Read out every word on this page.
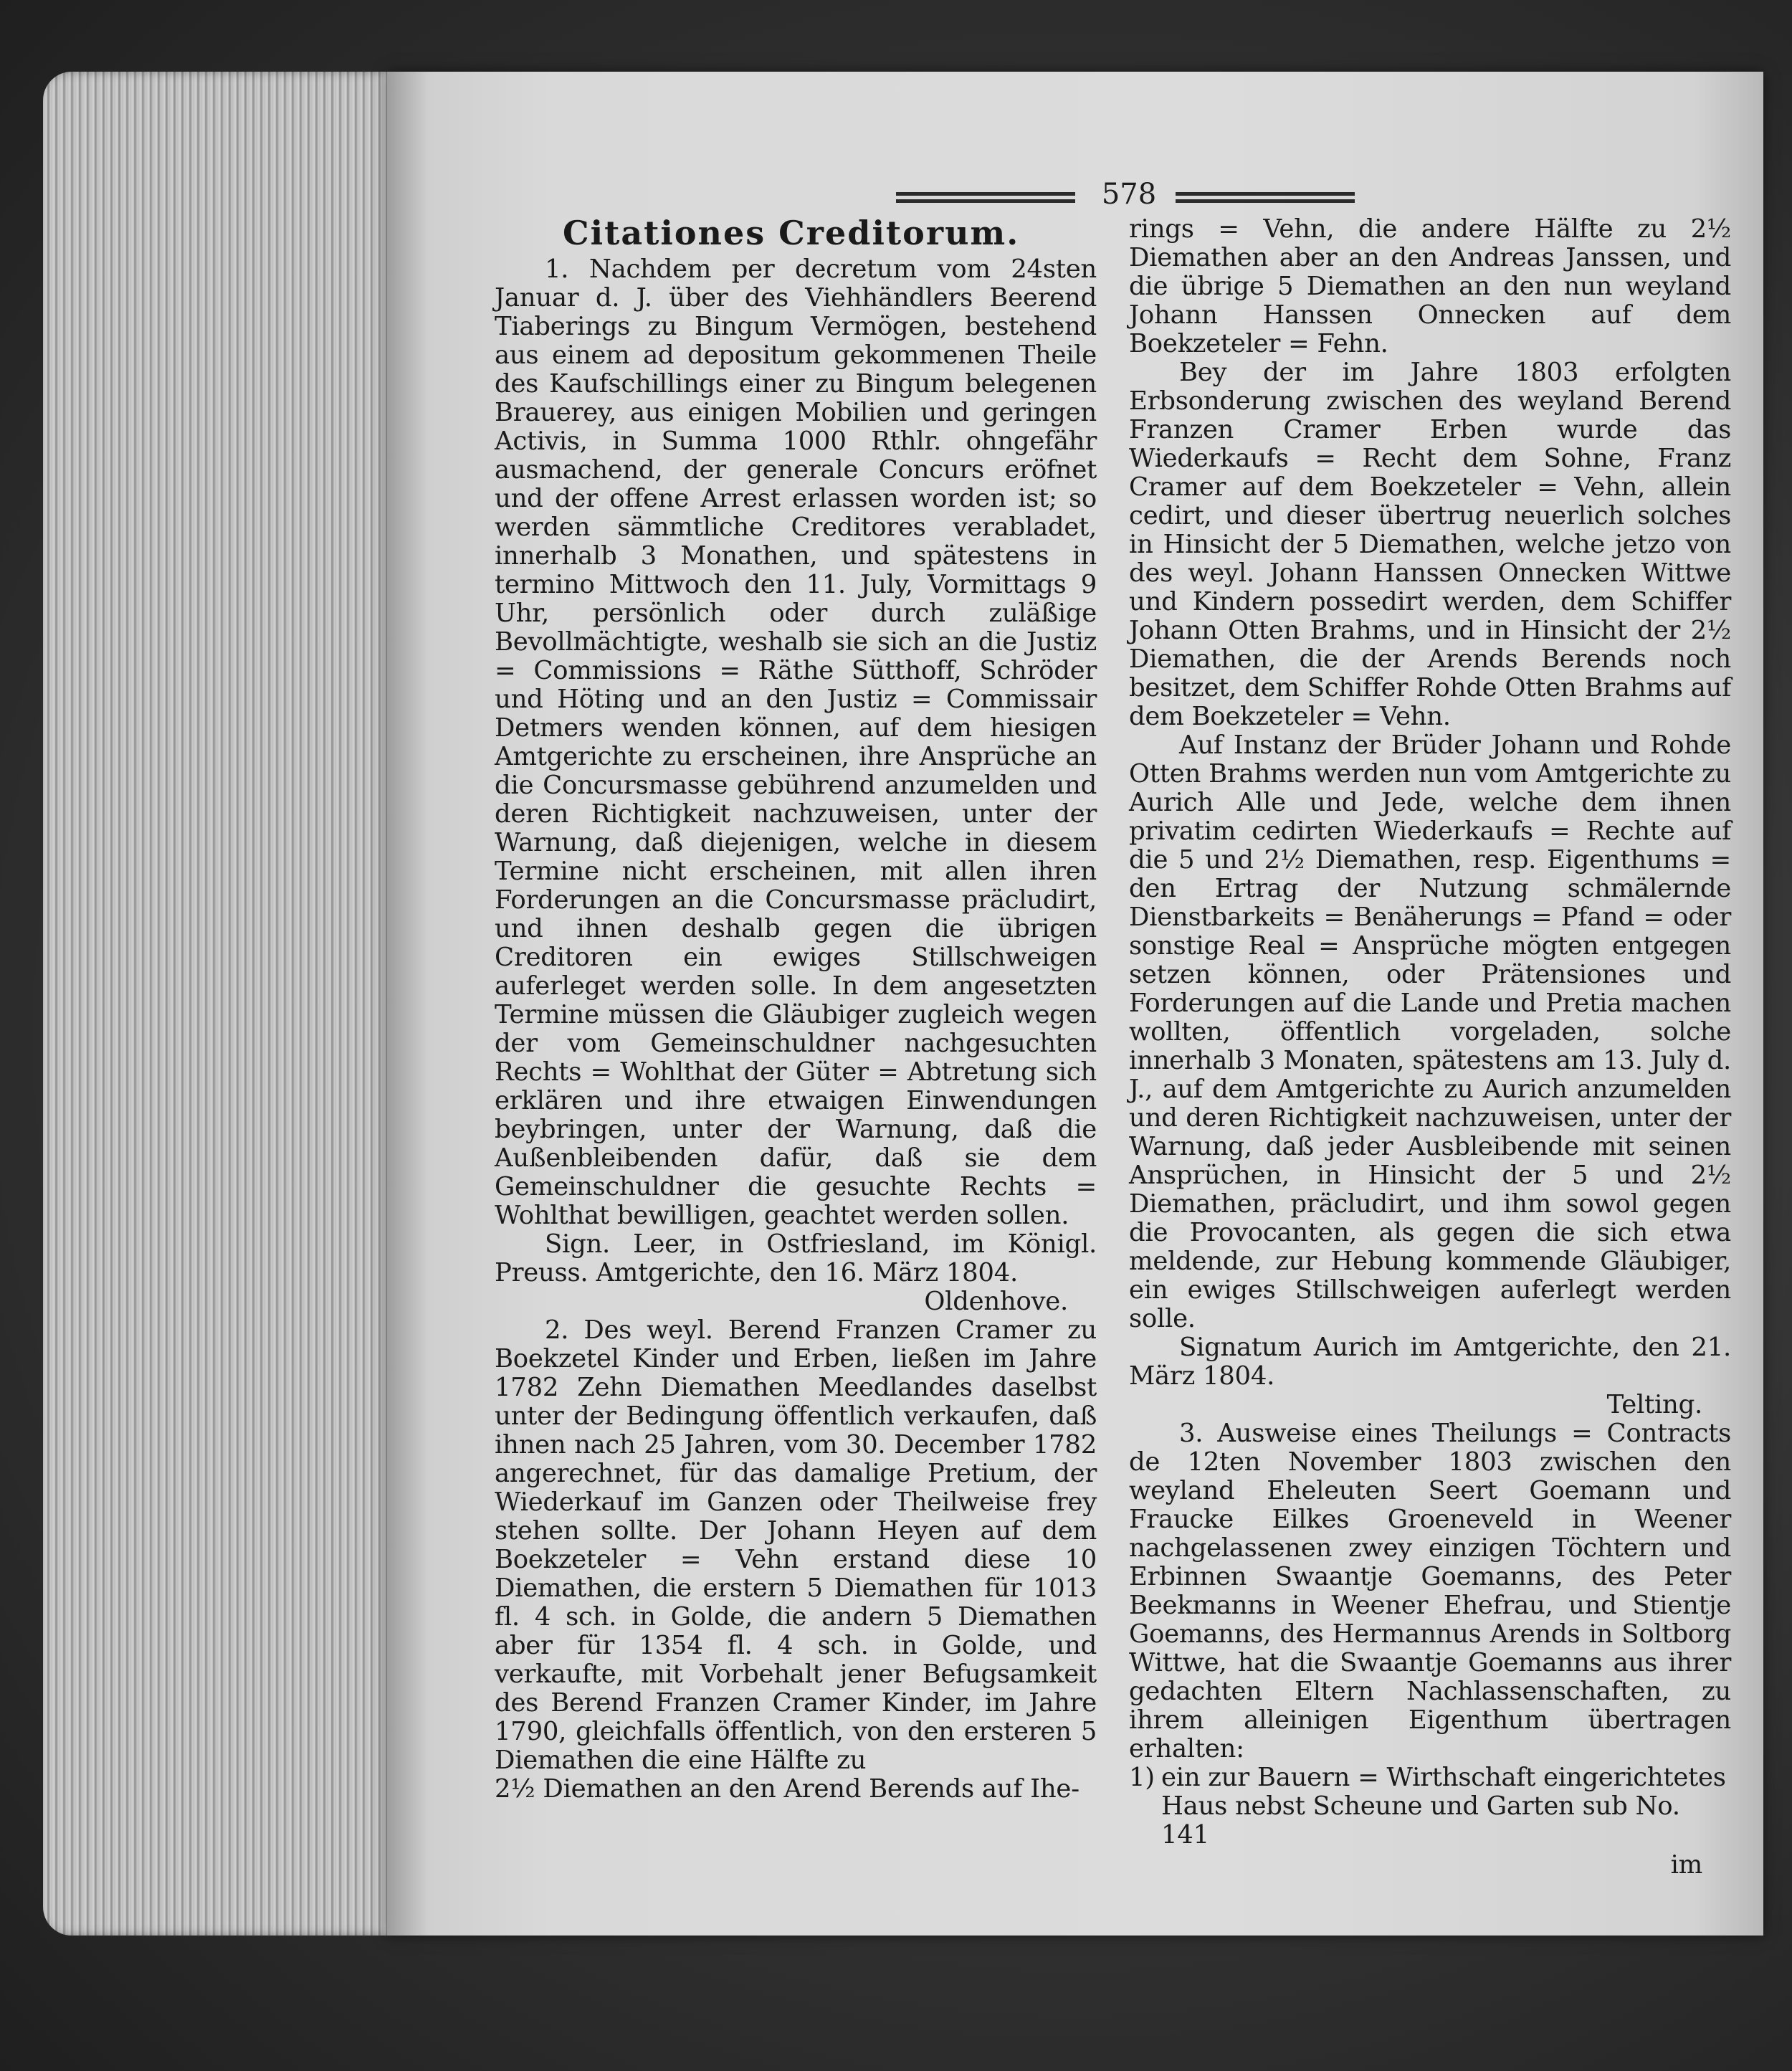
578
Citationes Creditorum.

1. Nachdem per decretum vom 24sten Januar d. J. über des Viehhändlers Beerend Tiaberings zu Bingum Vermögen, bestehend aus einem ad depositum gekommenen Theile des Kaufschillings einer zu Bingum belegenen Brauerey, aus einigen Mobilien und geringen Activis, in Summa 1000 Rthlr. ohngefähr ausmachend, der generale Concurs eröfnet und der offene Arrest erlassen worden ist; so werden sämmtliche Creditores verabladet, innerhalb 3 Monathen, und spätestens in termino Mittwoch den 11. July, Vormittags 9 Uhr, persönlich oder durch zuläßige Bevollmächtigte, weshalb sie sich an die Justiz = Commissions = Räthe Sütthoff, Schröder und Höting und an den Justiz = Commissair Detmers wenden können, auf dem hiesigen Amtgerichte zu erscheinen, ihre Ansprüche an die Concursmasse gebührend anzumelden und deren Richtigkeit nachzuweisen, unter der Warnung, daß diejenigen, welche in diesem Termine nicht erscheinen, mit allen ihren Forderungen an die Concursmasse präcludirt, und ihnen deshalb gegen die übrigen Creditoren ein ewiges Stillschweigen auferleget werden solle. In dem angesetzten Termine müssen die Gläubiger zugleich wegen der vom Gemeinschuldner nachgesuchten Rechts = Wohlthat der Güter = Abtretung sich erklären und ihre etwaigen Einwendungen beybringen, unter der Warnung, daß die Außenbleibenden dafür, daß sie dem Gemeinschuldner die gesuchte Rechts = Wohlthat bewilligen, geachtet werden sollen.

Sign. Leer, in Ostfriesland, im Königl. Preuss. Amtgerichte, den 16. März 1804.

Oldenhove.

2. Des weyl. Berend Franzen Cramer zu Boekzetel Kinder und Erben, ließen im Jahre 1782 Zehn Diemathen Meedlandes daselbst unter der Bedingung öffentlich verkaufen, daß ihnen nach 25 Jahren, vom 30. December 1782 angerechnet, für das damalige Pretium, der Wiederkauf im Ganzen oder Theilweise frey stehen sollte. Der Johann Heyen auf dem Boekzeteler = Vehn erstand diese 10 Diemathen, die erstern 5 Diemathen für 1013 fl. 4 sch. in Golde, die andern 5 Diemathen aber für 1354 fl. 4 sch. in Golde, und verkaufte, mit Vorbehalt jener Befugsamkeit des Berend Franzen Cramer Kinder, im Jahre 1790, gleichfalls öffentlich, von den ersteren 5 Diemathen die eine Hälfte zu

2½ Diemathen an den Arend Berends auf Ihe-

rings = Vehn, die andere Hälfte zu 2½ Diemathen aber an den Andreas Janssen, und die übrige 5 Diemathen an den nun weyland Johann Hanssen Onnecken auf dem Boekzeteler = Fehn.

Bey der im Jahre 1803 erfolgten Erbsonderung zwischen des weyland Berend Franzen Cramer Erben wurde das Wiederkaufs = Recht dem Sohne, Franz Cramer auf dem Boekzeteler = Vehn, allein cedirt, und dieser übertrug neuerlich solches in Hinsicht der 5 Diemathen, welche jetzo von des weyl. Johann Hanssen Onnecken Wittwe und Kindern possedirt werden, dem Schiffer Johann Otten Brahms, und in Hinsicht der 2½ Diemathen, die der Arends Berends noch besitzet, dem Schiffer Rohde Otten Brahms auf dem Boekzeteler = Vehn.

Auf Instanz der Brüder Johann und Rohde Otten Brahms werden nun vom Amtgerichte zu Aurich Alle und Jede, welche dem ihnen privatim cedirten Wiederkaufs = Rechte auf die 5 und 2½ Diemathen, resp. Eigenthums = den Ertrag der Nutzung schmälernde Dienstbarkeits = Benäherungs = Pfand = oder sonstige Real = Ansprüche mögten entgegen setzen können, oder Prätensiones und Forderungen auf die Lande und Pretia machen wollten, öffentlich vorgeladen, solche innerhalb 3 Monaten, spätestens am 13. July d. J., auf dem Amtgerichte zu Aurich anzumelden und deren Richtigkeit nachzuweisen, unter der Warnung, daß jeder Ausbleibende mit seinen Ansprüchen, in Hinsicht der 5 und 2½ Diemathen, präcludirt, und ihm sowol gegen die Provocanten, als gegen die sich etwa meldende, zur Hebung kommende Gläubiger, ein ewiges Stillschweigen auferlegt werden solle.

Signatum Aurich im Amtgerichte, den 21. März 1804.

Telting.

3. Ausweise eines Theilungs = Contracts de 12ten November 1803 zwischen den weyland Eheleuten Seert Goemann und Fraucke Eilkes Groeneveld in Weener nachgelassenen zwey einzigen Töchtern und Erbinnen Swaantje Goemanns, des Peter Beekmanns in Weener Ehefrau, und Stientje Goemanns, des Hermannus Arends in Soltborg Wittwe, hat die Swaantje Goemanns aus ihrer gedachten Eltern Nachlassenschaften, zu ihrem alleinigen Eigenthum übertragen erhalten:

1) ein zur Bauern = Wirthschaft eingerichtetes Haus nebst Scheune und Garten sub No. 141
im
